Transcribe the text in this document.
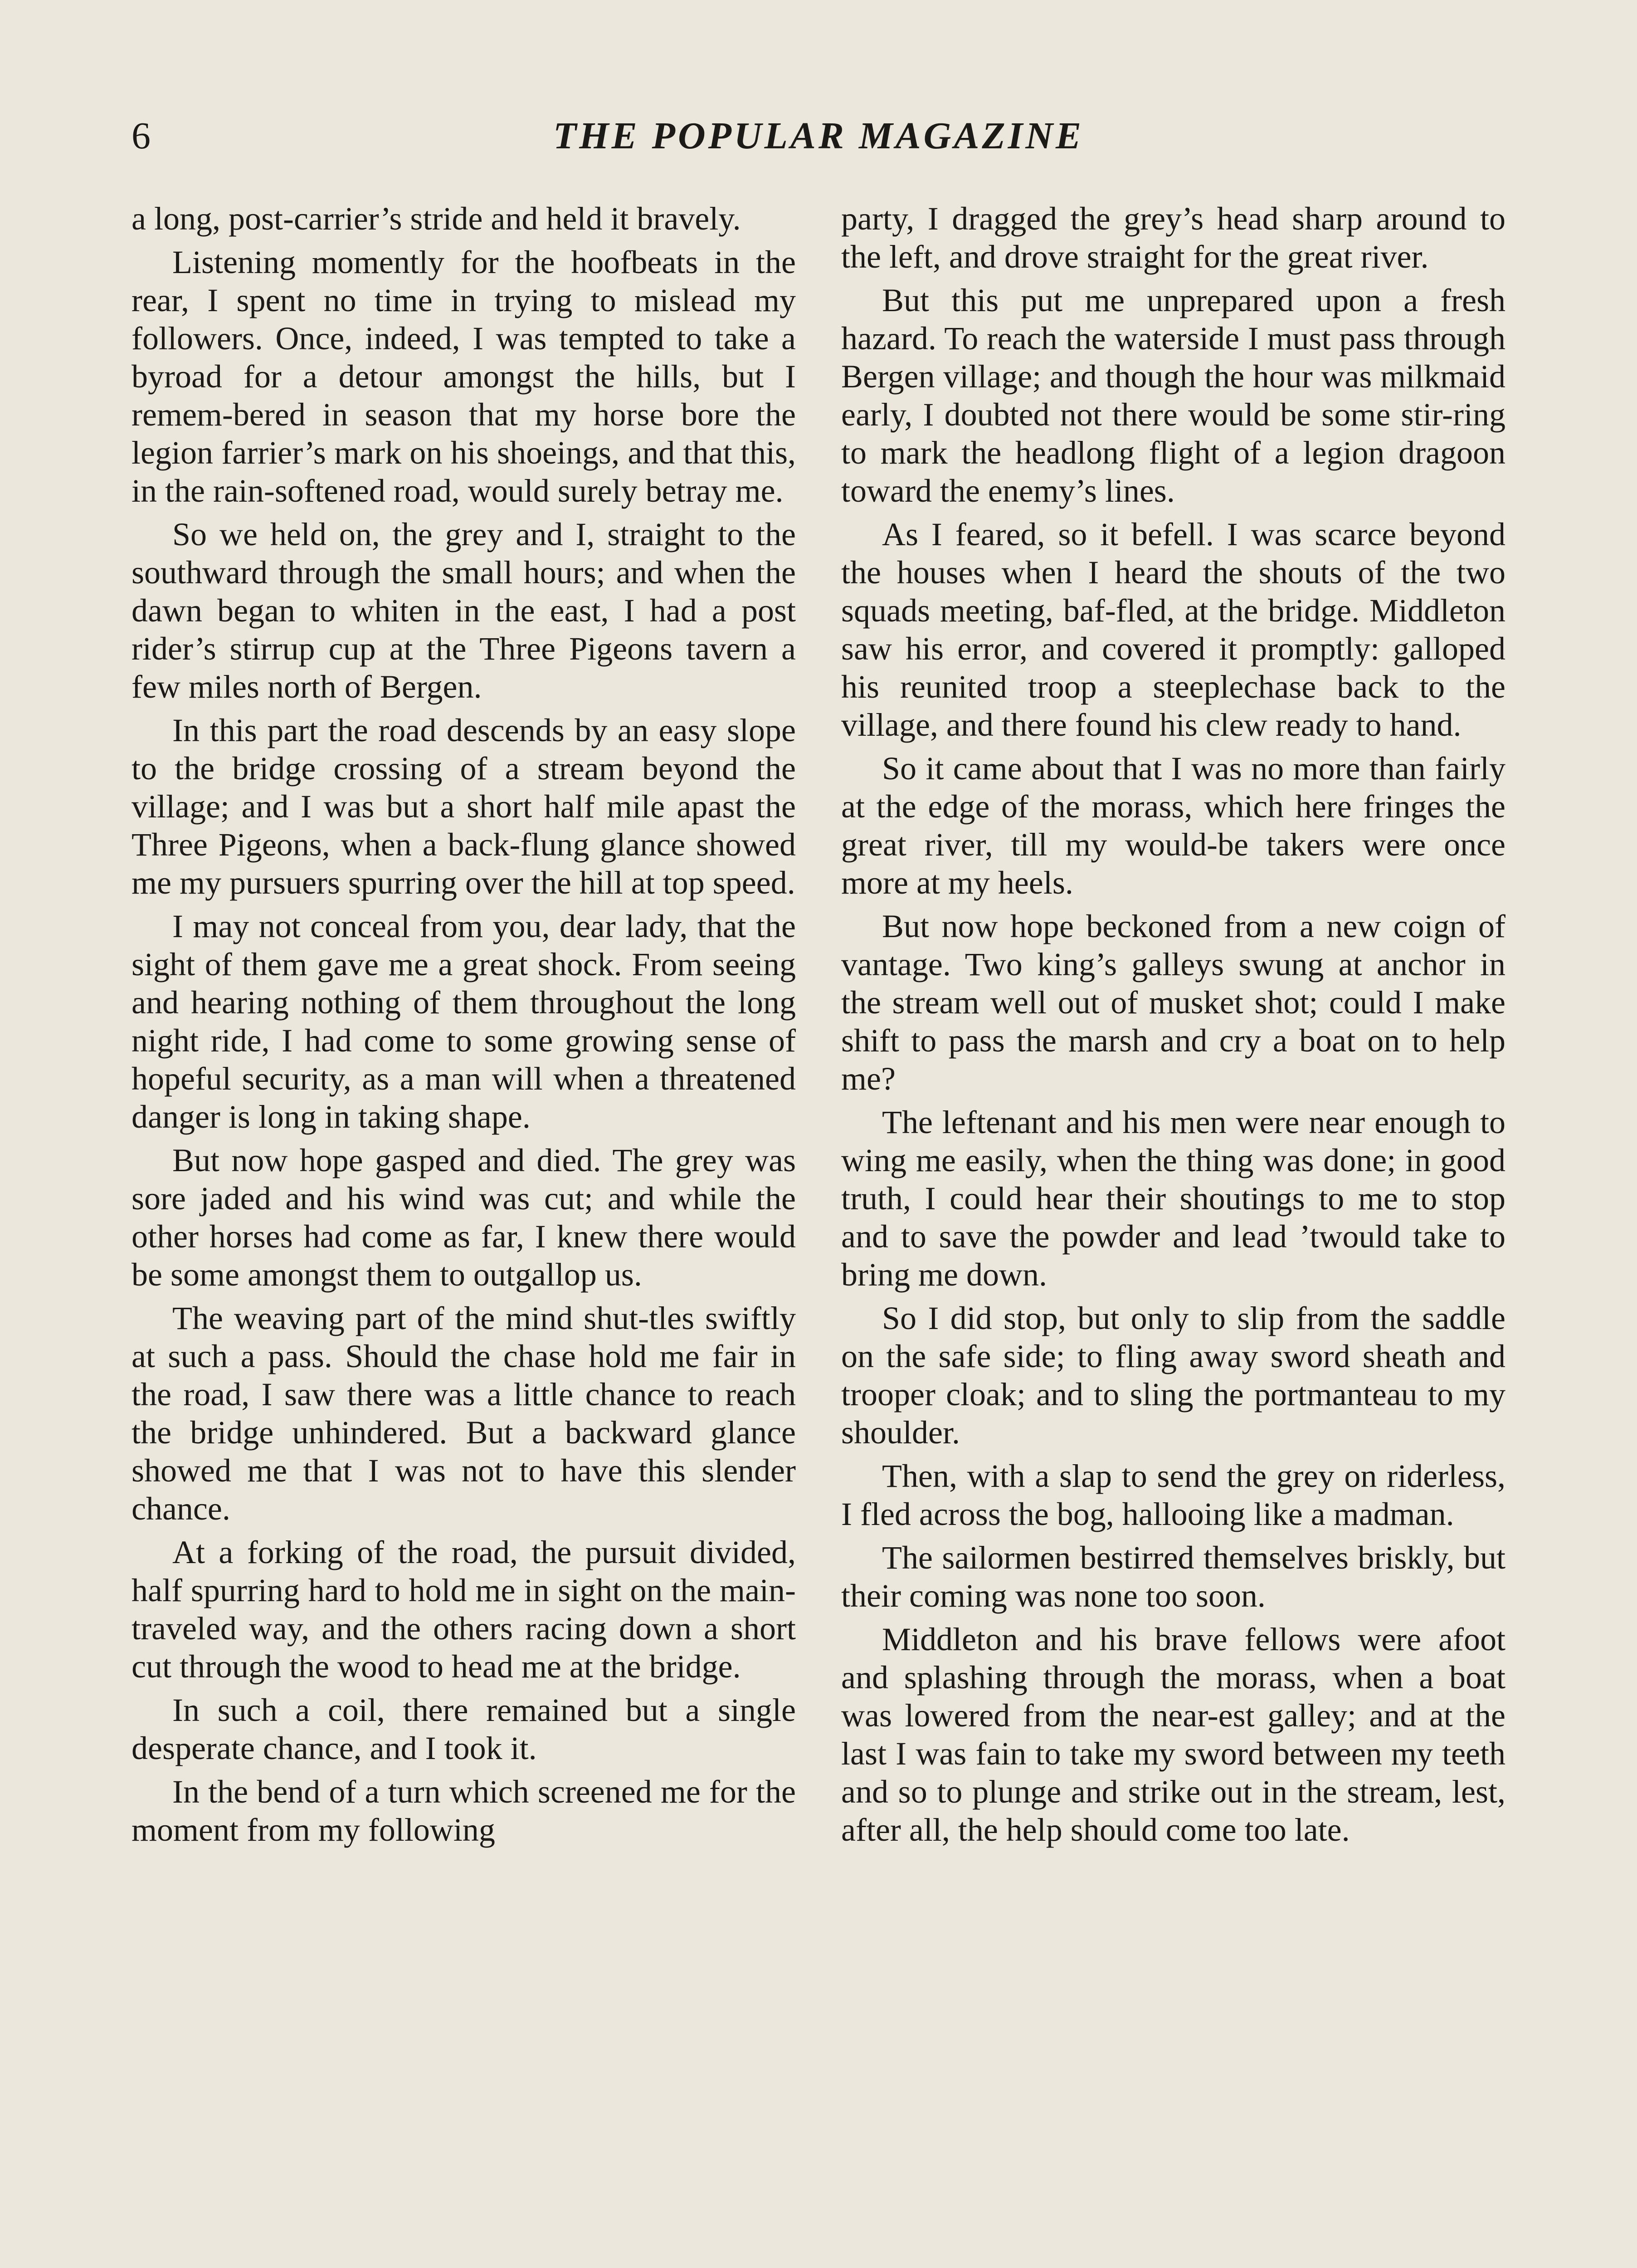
6	THE POPULAR MAGAZINE

a long, post-carrier’s stride and held it bravely.

Listening momently for the hoofbeats in the rear, I spent no time in trying to mislead my followers. Once, indeed, I was tempted to take a byroad for a detour amongst the hills, but I remem-bered in season that my horse bore the legion farrier’s mark on his shoeings, and that this, in the rain-softened road, would surely betray me.

So we held on, the grey and I, straight to the southward through the small hours; and when the dawn began to whiten in the east, I had a post rider’s stirrup cup at the Three Pigeons tavern a few miles north of Bergen.

In this part the road descends by an easy slope to the bridge crossing of a stream beyond the village; and I was but a short half mile apast the Three Pigeons, when a back-flung glance showed me my pursuers spurring over the hill at top speed.

I may not conceal from you, dear lady, that the sight of them gave me a great shock. From seeing and hearing nothing of them throughout the long night ride, I had come to some growing sense of hopeful security, as a man will when a threatened danger is long in taking shape.

But now hope gasped and died. The grey was sore jaded and his wind was cut; and while the other horses had come as far, I knew there would be some amongst them to outgallop us.

The weaving part of the mind shut-tles swiftly at such a pass. Should the chase hold me fair in the road, I saw there was a little chance to reach the bridge unhindered. But a backward glance showed me that I was not to have this slender chance.

At a forking of the road, the pursuit divided, half spurring hard to hold me in sight on the main-traveled way, and the others racing down a short cut through the wood to head me at the bridge.

In such a coil, there remained but a single desperate chance, and I took it.

In the bend of a turn which screened me for the moment from my following

party, I dragged the grey’s head sharp around to the left, and drove straight for the great river.

But this put me unprepared upon a fresh hazard. To reach the waterside I must pass through Bergen village; and though the hour was milkmaid early, I doubted not there would be some stir-ring to mark the headlong flight of a legion dragoon toward the enemy’s lines.

As I feared, so it befell. I was scarce beyond the houses when I heard the shouts of the two squads meeting, baf-fled, at the bridge. Middleton saw his error, and covered it promptly: galloped his reunited troop a steeplechase back to the village, and there found his clew ready to hand.

So it came about that I was no more than fairly at the edge of the morass, which here fringes the great river, till my would-be takers were once more at my heels.

But now hope beckoned from a new coign of vantage. Two king’s galleys swung at anchor in the stream well out of musket shot; could I make shift to pass the marsh and cry a boat on to help me?

The leftenant and his men were near enough to wing me easily, when the thing was done; in good truth, I could hear their shoutings to me to stop and to save the powder and lead ’twould take to bring me down.

So I did stop, but only to slip from the saddle on the safe side; to fling away sword sheath and trooper cloak; and to sling the portmanteau to my shoulder.

Then, with a slap to send the grey on riderless, I fled across the bog, hallooing like a madman.

The sailormen bestirred themselves briskly, but their coming was none too soon.

Middleton and his brave fellows were afoot and splashing through the morass, when a boat was lowered from the near-est galley; and at the last I was fain to take my sword between my teeth and so to plunge and strike out in the stream, lest, after all, the help should come too late.
